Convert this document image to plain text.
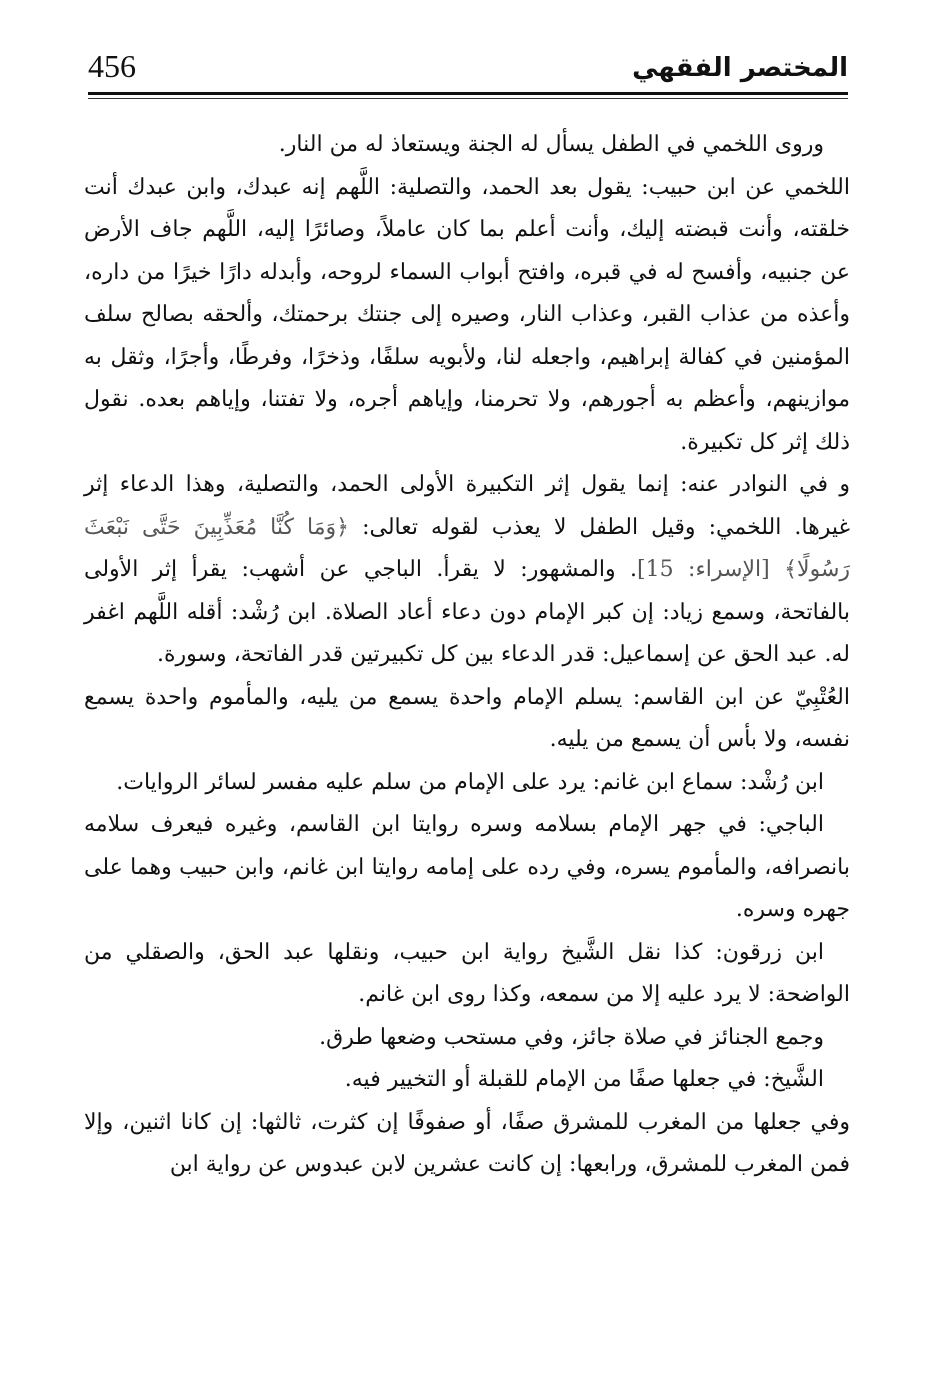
456	المختصر الفقهي

وروى اللخمي في الطفل يسأل له الجنة ويستعاذ له من النار.

اللخمي عن ابن حبيب: يقول بعد الحمد، والتصلية: اللَّهم إنه عبدك، وابن عبدك أنت خلقته، وأنت قبضته إليك، وأنت أعلم بما كان عاملاً، وصائرًا إليه، اللَّهم جاف الأرض عن جنبيه، وأفسح له في قبره، وافتح أبواب السماء لروحه، وأبدله دارًا خيرًا من داره، وأعذه من عذاب القبر، وعذاب النار، وصيره إلى جنتك برحمتك، وألحقه بصالح سلف المؤمنين في كفالة إبراهيم، واجعله لنا، ولأبويه سلفًا، وذخرًا، وفرطًا، وأجرًا، وثقل به موازينهم، وأعظم به أجورهم، ولا تحرمنا، وإياهم أجره، ولا تفتنا، وإياهم بعده. نقول ذلك إثر كل تكبيرة.

و في النوادر عنه: إنما يقول إثر التكبيرة الأولى الحمد، والتصلية، وهذا الدعاء إثر غيرها. اللخمي: وقيل الطفل لا يعذب لقوله تعالى: ﴿وَمَا كُنَّا مُعَذِّبِينَ حَتَّى نَبْعَثَ رَسُولًا﴾ [الإسراء: 15]. والمشهور: لا يقرأ. الباجي عن أشهب: يقرأ إثر الأولى بالفاتحة، وسمع زياد: إن كبر الإمام دون دعاء أعاد الصلاة. ابن رُشْد: أقله اللَّهم اغفر له. عبد الحق عن إسماعيل: قدر الدعاء بين كل تكبيرتين قدر الفاتحة، وسورة.

العُتْبِيّ عن ابن القاسم: يسلم الإمام واحدة يسمع من يليه، والمأموم واحدة يسمع نفسه، ولا بأس أن يسمع من يليه.

ابن رُشْد: سماع ابن غانم: يرد على الإمام من سلم عليه مفسر لسائر الروايات.

الباجي: في جهر الإمام بسلامه وسره روايتا ابن القاسم، وغيره فيعرف سلامه بانصرافه، والمأموم يسره، وفي رده على إمامه روايتا ابن غانم، وابن حبيب وهما على جهره وسره.

ابن زرقون: كذا نقل الشَّيخ رواية ابن حبيب، ونقلها عبد الحق، والصقلي من الواضحة: لا يرد عليه إلا من سمعه، وكذا روى ابن غانم.

وجمع الجنائز في صلاة جائز، وفي مستحب وضعها طرق.

الشَّيخ: في جعلها صفًا من الإمام للقبلة أو التخيير فيه.

وفي جعلها من المغرب للمشرق صفًا، أو صفوفًا إن كثرت، ثالثها: إن كانا اثنين، وإلا فمن المغرب للمشرق، ورابعها: إن كانت عشرين لابن عبدوس عن رواية ابن
